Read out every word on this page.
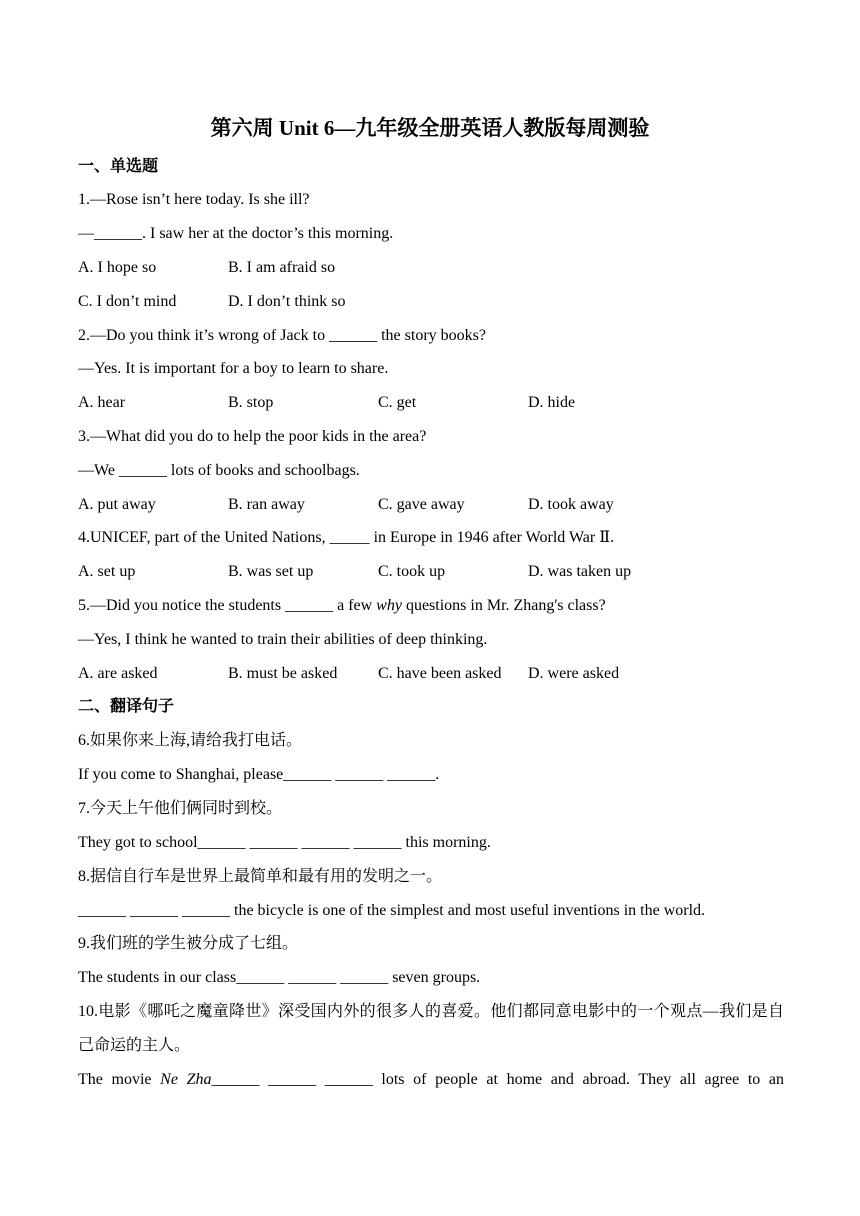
第六周 Unit 6—九年级全册英语人教版每周测验
一、单选题
1.—Rose isn’t here today. Is she ill?
—______. I saw her at the doctor’s this morning.
A. I hope so	B. I am afraid so
C. I don’t mind	D. I don’t think so
2.—Do you think it’s wrong of Jack to ______ the story books?
—Yes. It is important for a boy to learn to share.
A. hear	B. stop	C. get	D. hide
3.—What did you do to help the poor kids in the area?
—We ______ lots of books and schoolbags.
A. put away	B. ran away	C. gave away	D. took away
4.UNICEF, part of the United Nations, _____ in Europe in 1946 after World War Ⅱ.
A. set up	B. was set up	C. took up	D. was taken up
5.—Did you notice the students ______ a few why questions in Mr. Zhang's class?
—Yes, I think he wanted to train their abilities of deep thinking.
A. are asked	B. must be asked	C. have been asked D. were asked
二、翻译句子
6.如果你来上海,请给我打电话。
If you come to Shanghai, please______ ______ ______.
7.今天上午他们俩同时到校。
They got to school______ ______ ______ ______ this morning.
8.据信自行车是世界上最简单和最有用的发明之一。
______ ______ ______ the bicycle is one of the simplest and most useful inventions in the world.
9.我们班的学生被分成了七组。
The students in our class______ ______ ______ seven groups.
10.电影《哪吒之魔童降世》深受国内外的很多人的喜爱。他们都同意电影中的一个观点—我们是自己命运的主人。
The movie Ne Zha______ ______ ______ lots of people at home and abroad. They all agree to an
